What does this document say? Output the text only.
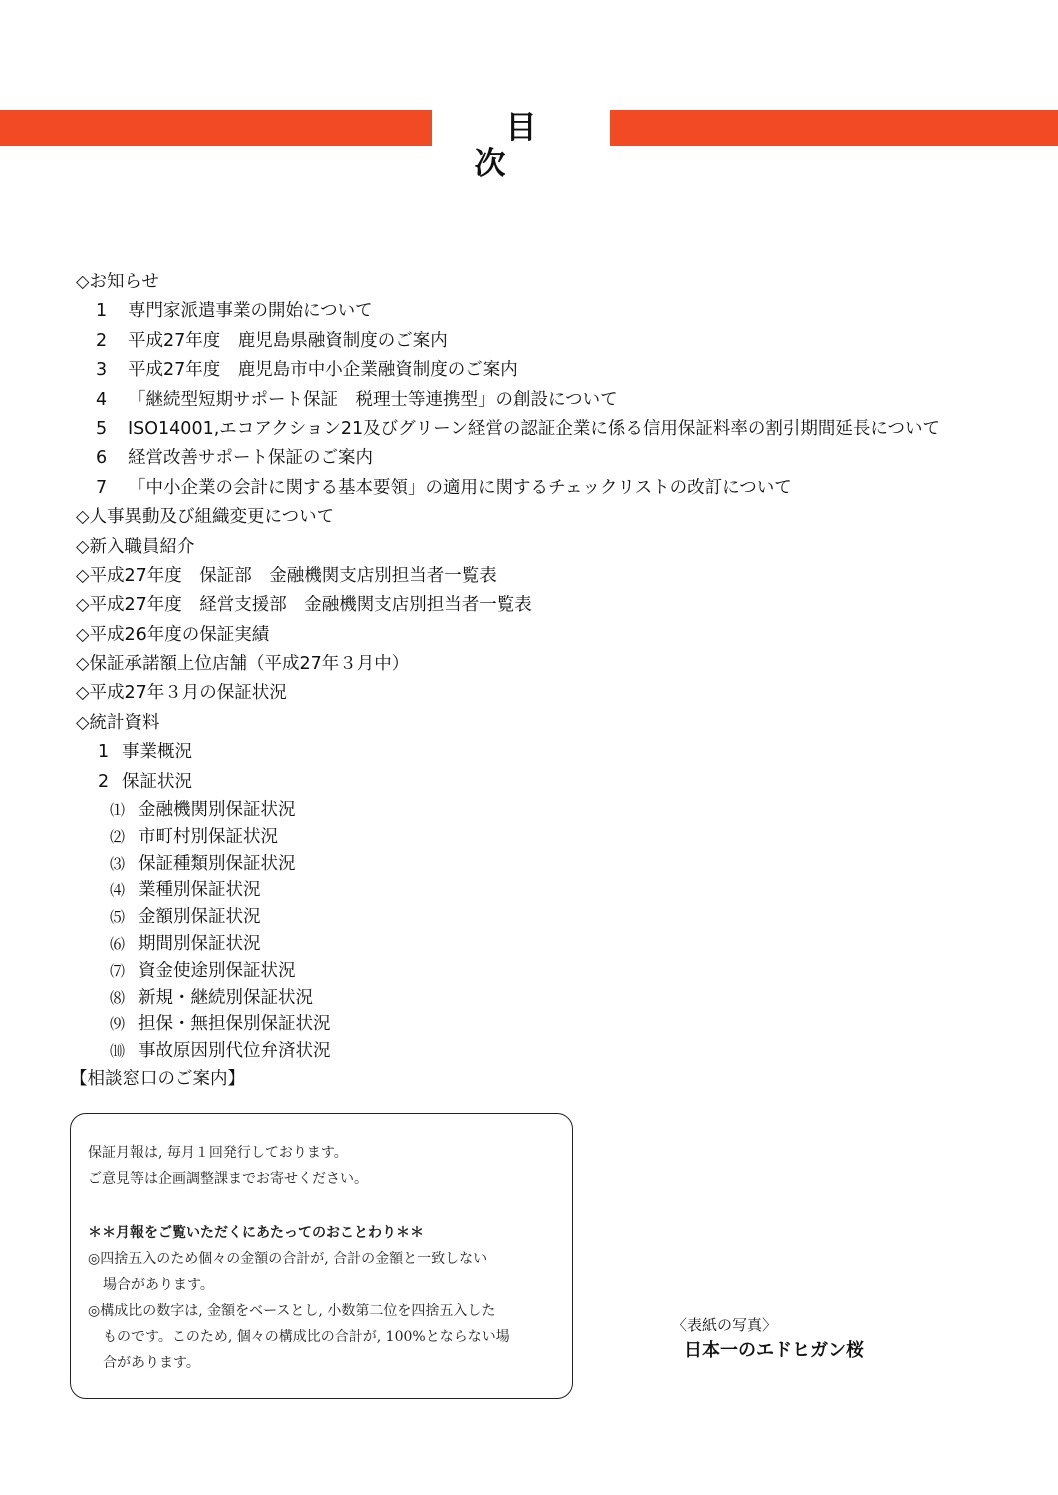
目次
◇お知らせ
1 専門家派遣事業の開始について
2 平成27年度　鹿児島県融資制度のご案内
3 平成27年度　鹿児島市中小企業融資制度のご案内
4 「継続型短期サポート保証　税理士等連携型」の創設について
5 ISO14001,エコアクション21及びグリーン経営の認証企業に係る信用保証料率の割引期間延長について
6 経営改善サポート保証のご案内
7 「中小企業の会計に関する基本要領」の適用に関するチェックリストの改訂について
◇人事異動及び組織変更について
◇新入職員紹介
◇平成27年度　保証部　金融機関支店別担当者一覧表
◇平成27年度　経営支援部　金融機関支店別担当者一覧表
◇平成26年度の保証実績
◇保証承諾額上位店舗（平成27年３月中）
◇平成27年３月の保証状況
◇統計資料
1 事業概況
2 保証状況
⑴ 金融機関別保証状況
⑵ 市町村別保証状況
⑶ 保証種類別保証状況
⑷ 業種別保証状況
⑸ 金額別保証状況
⑹ 期間別保証状況
⑺ 資金使途別保証状況
⑻ 新規・継続別保証状況
⑼ 担保・無担保別保証状況
⑽ 事故原因別代位弁済状況
【相談窓口のご案内】
保証月報は, 毎月１回発行しております。
ご意見等は企画調整課までお寄せください。
＊＊月報をご覧いただくにあたってのおことわり＊＊
◎四捨五入のため個々の金額の合計が, 合計の金額と一致しない
場合があります。
◎構成比の数字は, 金額をベースとし, 小数第二位を四捨五入した
ものです。このため, 個々の構成比の合計が, 100%とならない場
合があります。
〈表紙の写真〉
日本一のエドヒガン桜
